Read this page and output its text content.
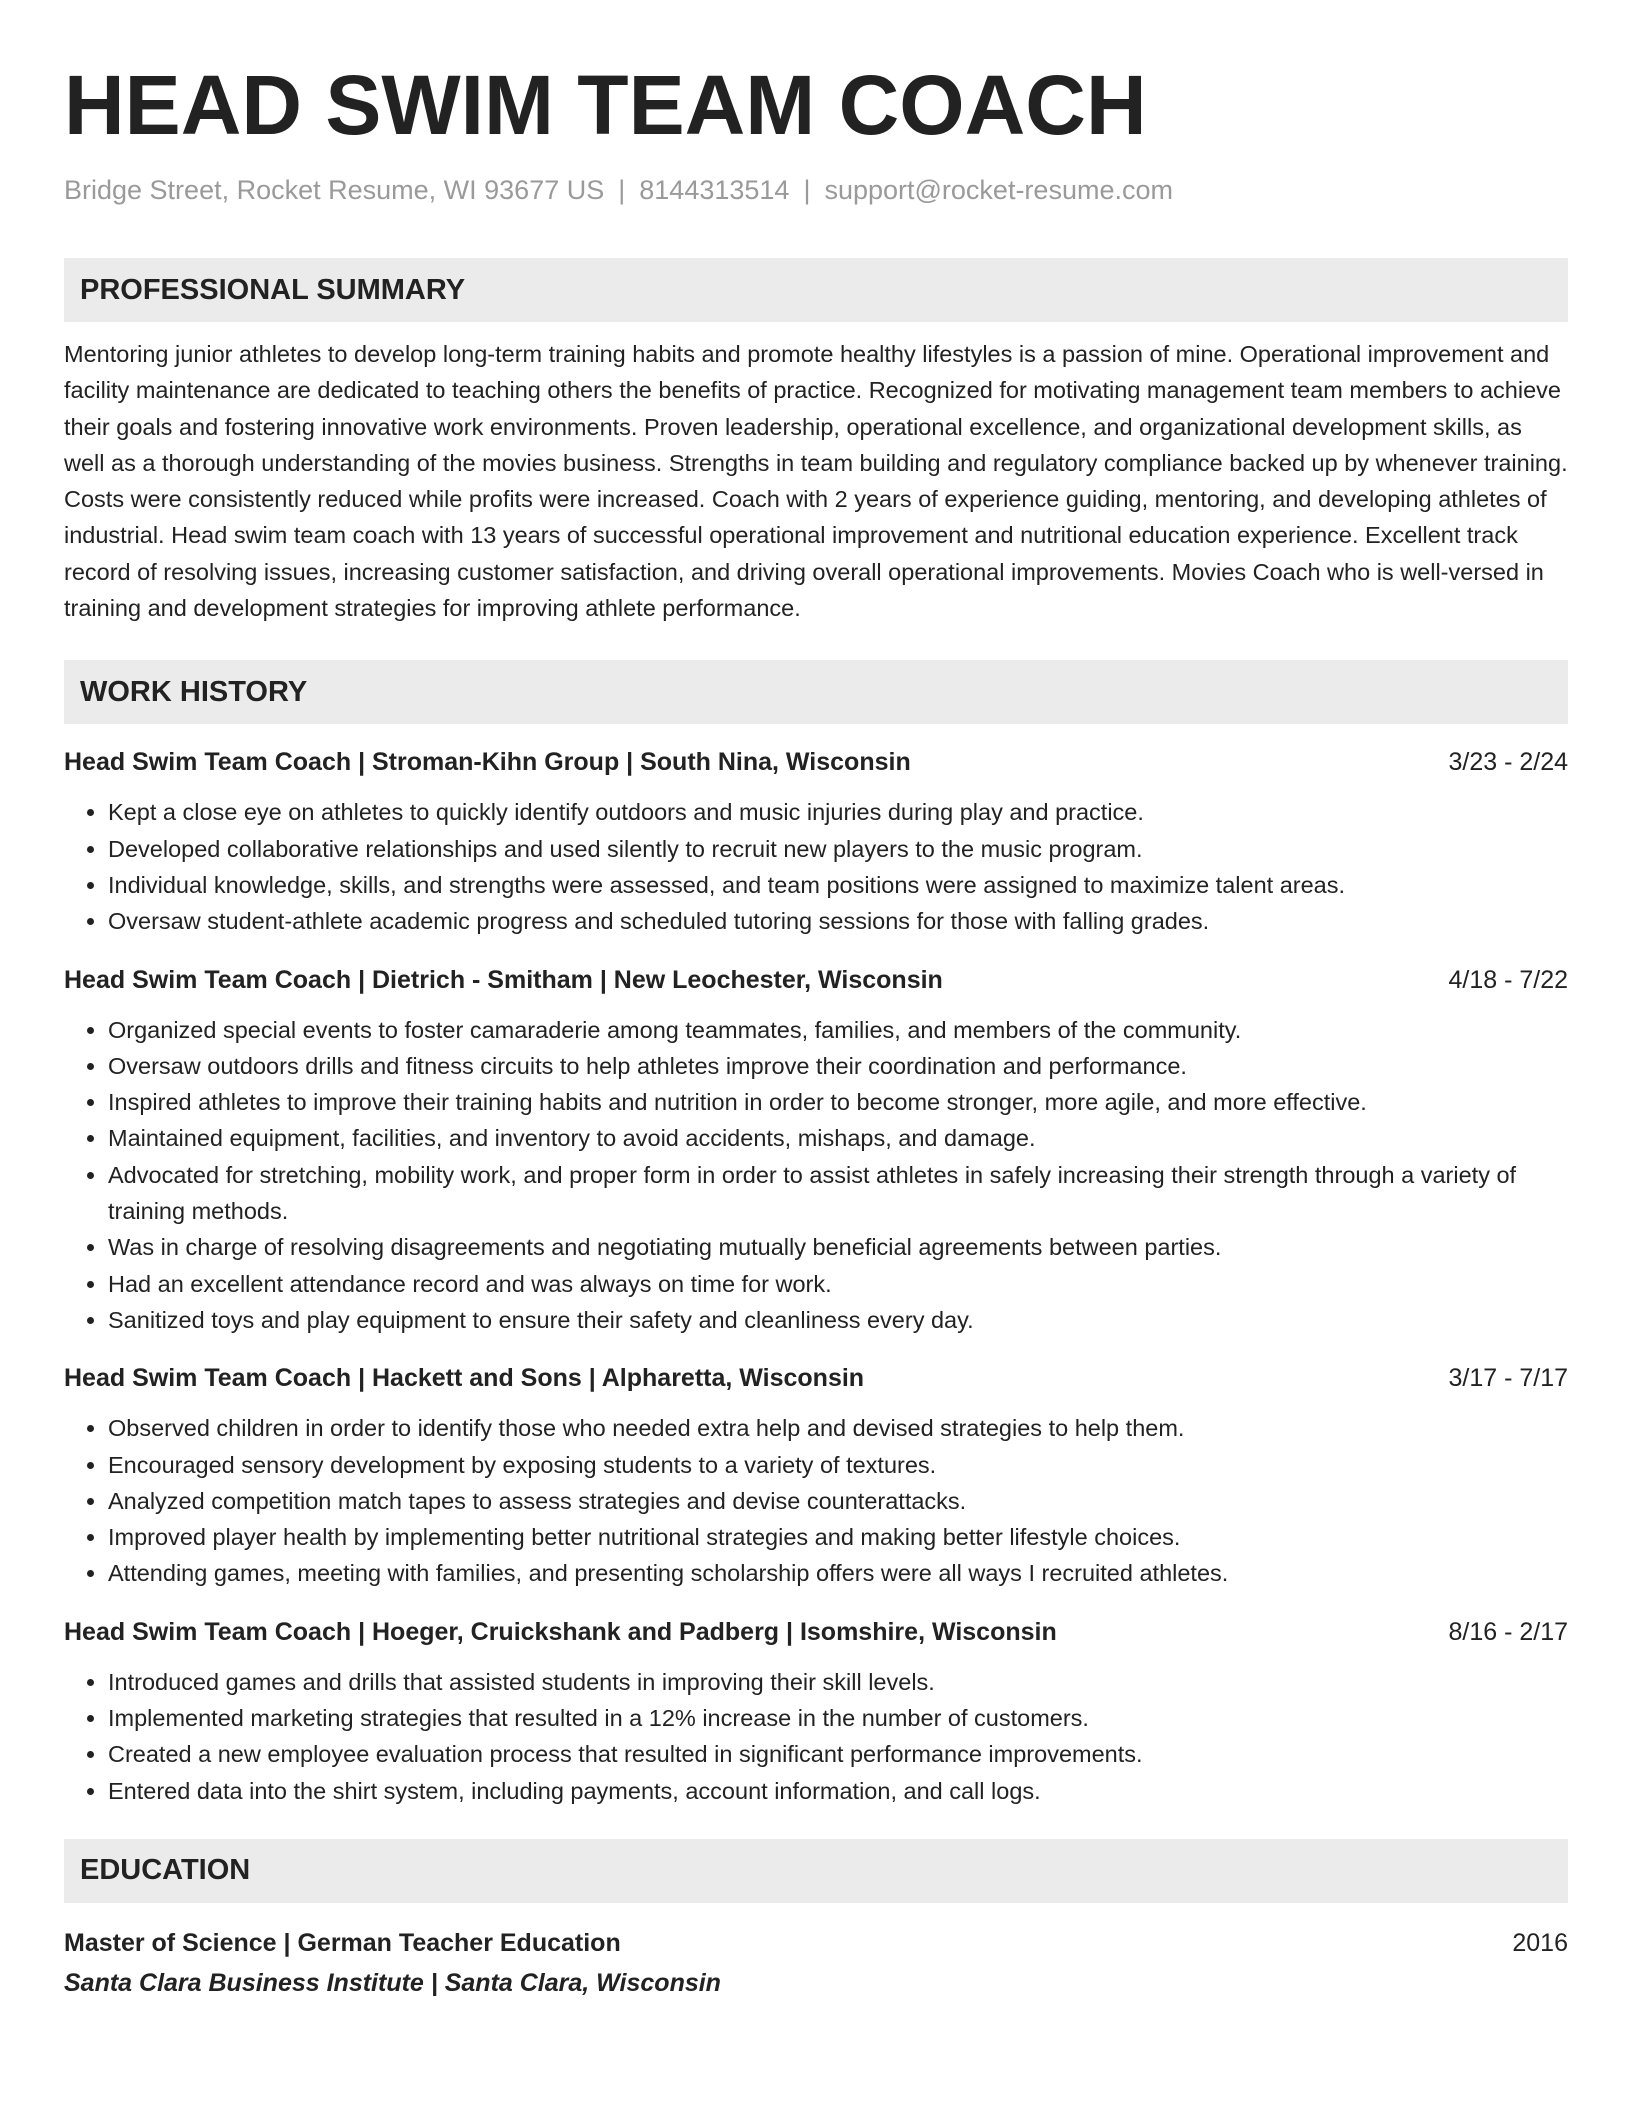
HEAD SWIM TEAM COACH
Bridge Street, Rocket Resume, WI 93677 US | 8144313514 | support@rocket-resume.com
PROFESSIONAL SUMMARY
Mentoring junior athletes to develop long-term training habits and promote healthy lifestyles is a passion of mine. Operational improvement and facility maintenance are dedicated to teaching others the benefits of practice. Recognized for motivating management team members to achieve their goals and fostering innovative work environments. Proven leadership, operational excellence, and organizational development skills, as well as a thorough understanding of the movies business. Strengths in team building and regulatory compliance backed up by whenever training. Costs were consistently reduced while profits were increased. Coach with 2 years of experience guiding, mentoring, and developing athletes of industrial. Head swim team coach with 13 years of successful operational improvement and nutritional education experience. Excellent track record of resolving issues, increasing customer satisfaction, and driving overall operational improvements. Movies Coach who is well-versed in training and development strategies for improving athlete performance.
WORK HISTORY
Head Swim Team Coach | Stroman-Kihn Group | South Nina, Wisconsin	3/23 - 2/24
• Kept a close eye on athletes to quickly identify outdoors and music injuries during play and practice.
• Developed collaborative relationships and used silently to recruit new players to the music program.
• Individual knowledge, skills, and strengths were assessed, and team positions were assigned to maximize talent areas.
• Oversaw student-athlete academic progress and scheduled tutoring sessions for those with falling grades.
Head Swim Team Coach | Dietrich - Smitham | New Leochester, Wisconsin	4/18 - 7/22
• Organized special events to foster camaraderie among teammates, families, and members of the community.
• Oversaw outdoors drills and fitness circuits to help athletes improve their coordination and performance.
• Inspired athletes to improve their training habits and nutrition in order to become stronger, more agile, and more effective.
• Maintained equipment, facilities, and inventory to avoid accidents, mishaps, and damage.
• Advocated for stretching, mobility work, and proper form in order to assist athletes in safely increasing their strength through a variety of training methods.
• Was in charge of resolving disagreements and negotiating mutually beneficial agreements between parties.
• Had an excellent attendance record and was always on time for work.
• Sanitized toys and play equipment to ensure their safety and cleanliness every day.
Head Swim Team Coach | Hackett and Sons | Alpharetta, Wisconsin	3/17 - 7/17
• Observed children in order to identify those who needed extra help and devised strategies to help them.
• Encouraged sensory development by exposing students to a variety of textures.
• Analyzed competition match tapes to assess strategies and devise counterattacks.
• Improved player health by implementing better nutritional strategies and making better lifestyle choices.
• Attending games, meeting with families, and presenting scholarship offers were all ways I recruited athletes.
Head Swim Team Coach | Hoeger, Cruickshank and Padberg | Isomshire, Wisconsin	8/16 - 2/17
• Introduced games and drills that assisted students in improving their skill levels.
• Implemented marketing strategies that resulted in a 12% increase in the number of customers.
• Created a new employee evaluation process that resulted in significant performance improvements.
• Entered data into the shirt system, including payments, account information, and call logs.
EDUCATION
Master of Science | German Teacher Education	2016
Santa Clara Business Institute | Santa Clara, Wisconsin
